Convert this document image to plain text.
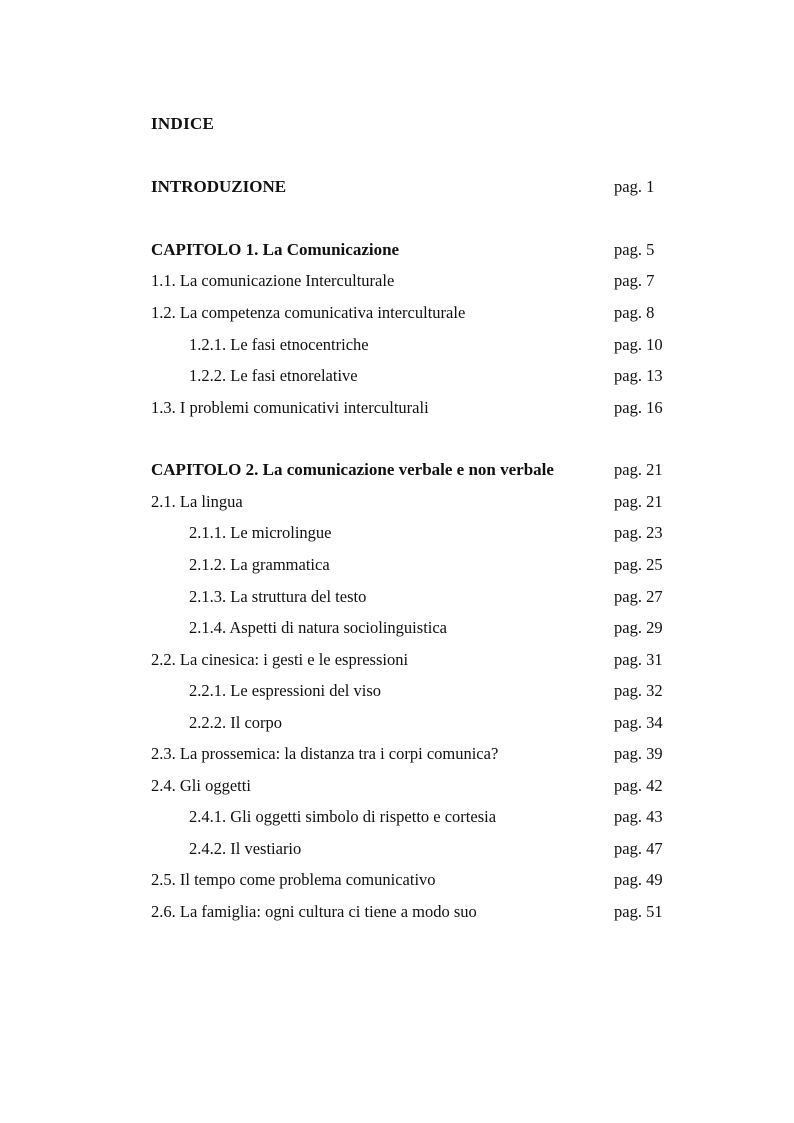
INDICE
INTRODUZIONE	pag. 1
CAPITOLO 1. La Comunicazione	pag. 5
1.1. La comunicazione Interculturale	pag. 7
1.2. La competenza comunicativa interculturale	pag. 8
1.2.1. Le fasi etnocentriche	pag. 10
1.2.2. Le fasi etnorelative	pag. 13
1.3. I problemi comunicativi interculturali	pag. 16
CAPITOLO 2. La comunicazione verbale e non verbale	pag. 21
2.1. La lingua	pag. 21
2.1.1. Le microlingue	pag. 23
2.1.2. La grammatica	pag. 25
2.1.3. La struttura del testo	pag. 27
2.1.4. Aspetti di natura sociolinguistica	pag. 29
2.2. La cinesica: i gesti e le espressioni	pag. 31
2.2.1. Le espressioni del viso	pag. 32
2.2.2. Il corpo	pag. 34
2.3. La prossemica: la distanza tra i corpi comunica?	pag. 39
2.4. Gli oggetti	pag. 42
2.4.1. Gli oggetti simbolo di rispetto e cortesia	pag. 43
2.4.2. Il vestiario	pag. 47
2.5. Il tempo come problema comunicativo	pag. 49
2.6. La famiglia: ogni cultura ci tiene a modo suo	pag. 51
